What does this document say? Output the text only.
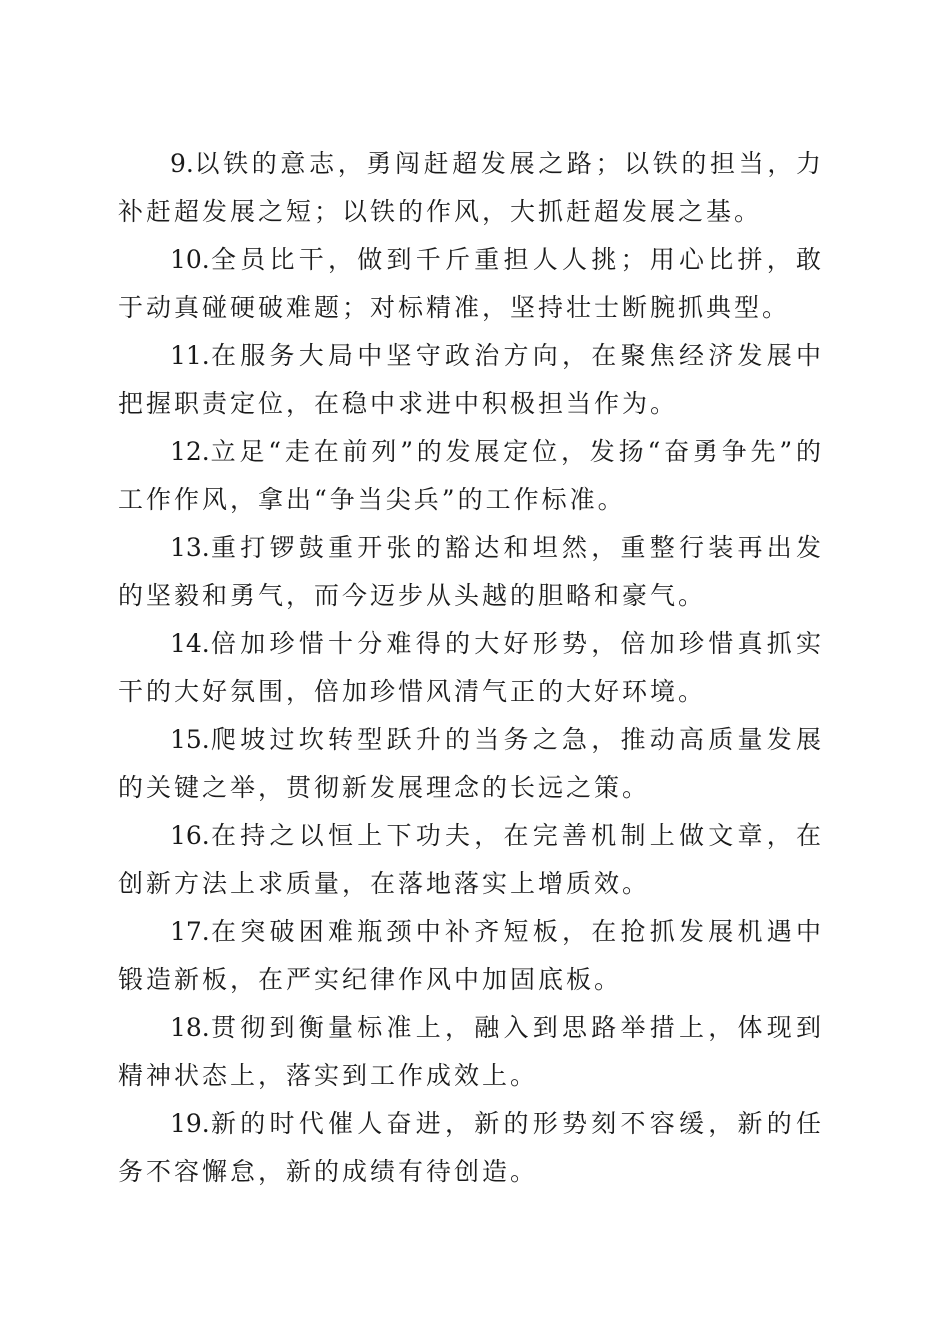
9.以铁的意志，勇闯赶超发展之路；以铁的担当，力补赶超发展之短；以铁的作风，大抓赶超发展之基。

10.全员比干，做到千斤重担人人挑；用心比拼，敢于动真碰硬破难题；对标精准，坚持壮士断腕抓典型。

11.在服务大局中坚守政治方向，在聚焦经济发展中把握职责定位，在稳中求进中积极担当作为。

12.立足“走在前列”的发展定位，发扬“奋勇争先”的工作作风，拿出“争当尖兵”的工作标准。

13.重打锣鼓重开张的豁达和坦然，重整行装再出发的坚毅和勇气，而今迈步从头越的胆略和豪气。

14.倍加珍惜十分难得的大好形势，倍加珍惜真抓实干的大好氛围，倍加珍惜风清气正的大好环境。

15.爬坡过坎转型跃升的当务之急，推动高质量发展的关键之举，贯彻新发展理念的长远之策。

16.在持之以恒上下功夫，在完善机制上做文章，在创新方法上求质量，在落地落实上增质效。

17.在突破困难瓶颈中补齐短板，在抢抓发展机遇中锻造新板，在严实纪律作风中加固底板。

18.贯彻到衡量标准上，融入到思路举措上，体现到精神状态上，落实到工作成效上。

19.新的时代催人奋进，新的形势刻不容缓，新的任务不容懈怠，新的成绩有待创造。
